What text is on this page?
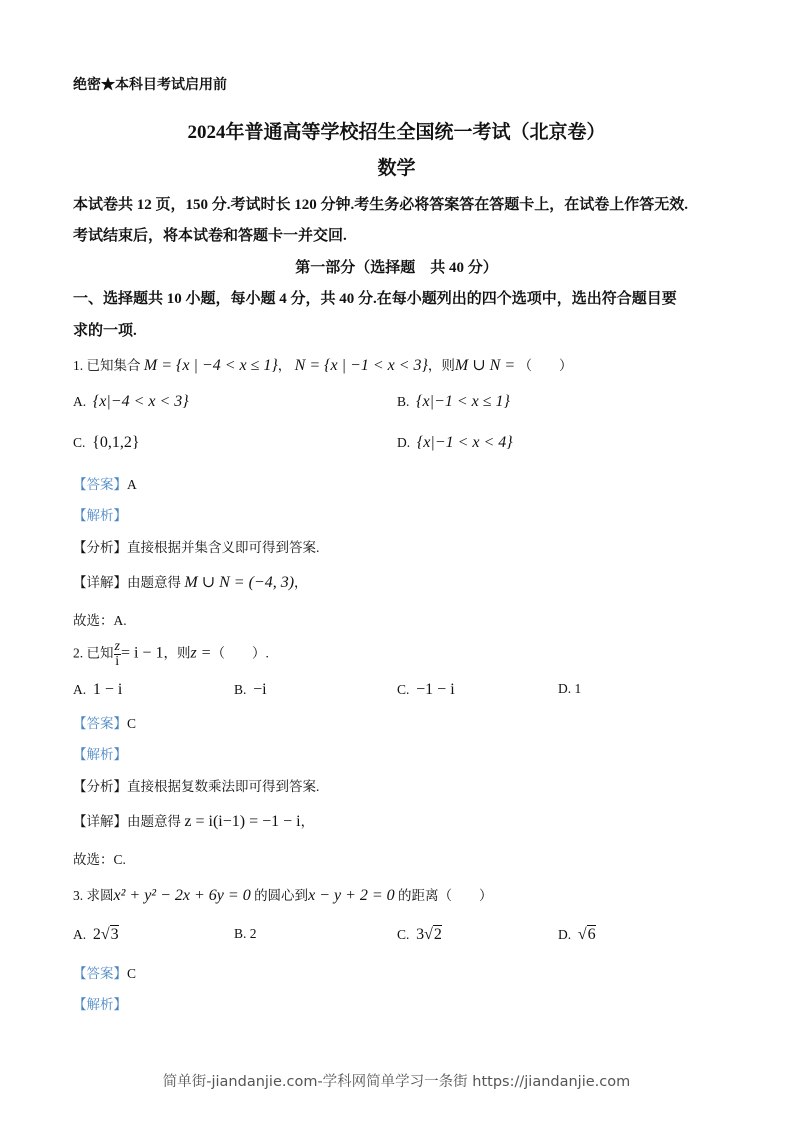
绝密★本科目考试启用前
2024年普通高等学校招生全国统一考试（北京卷）
数学
本试卷共 12 页，150 分.考试时长 120 分钟.考生务必将答案答在答题卡上，在试卷上作答无效.
考试结束后，将本试卷和答题卡一并交回.
第一部分（选择题　共 40 分）
一、选择题共 10 小题，每小题 4 分，共 40 分.在每小题列出的四个选项中，选出符合题目要
求的一项.
1. 已知集合 M = {x | −4 < x ≤ 1}， N = {x | −1 < x < 3}，则M ∪ N = （　　）
A. {x|−4 < x < 3}	B. {x|−1 < x ≤ 1}
C. {0,1,2}	D. {x|−1 < x < 4}
【答案】A
【解析】
【分析】直接根据并集含义即可得到答案.
【详解】由题意得 M ∪ N = (−4, 3)，
故选：A.
2. 已知 $\frac{z}{i} = i - 1$，则z =（　　）.
A. 1 − i	B. −i	C. −1 − i	D. 1
【答案】C
【解析】
【分析】直接根据复数乘法即可得到答案.
【详解】由题意得 z = i(i−1) = −1 − i，
故选：C.
3. 求圆x² + y² − 2x + 6y = 0 的圆心到x − y + 2 = 0 的距离（　　）
A. 2√3	B. 2	C. 3√2	D. √6
【答案】C
【解析】
简单街-jiandanjie.com-学科网简单学习一条街 https://jiandanjie.com
